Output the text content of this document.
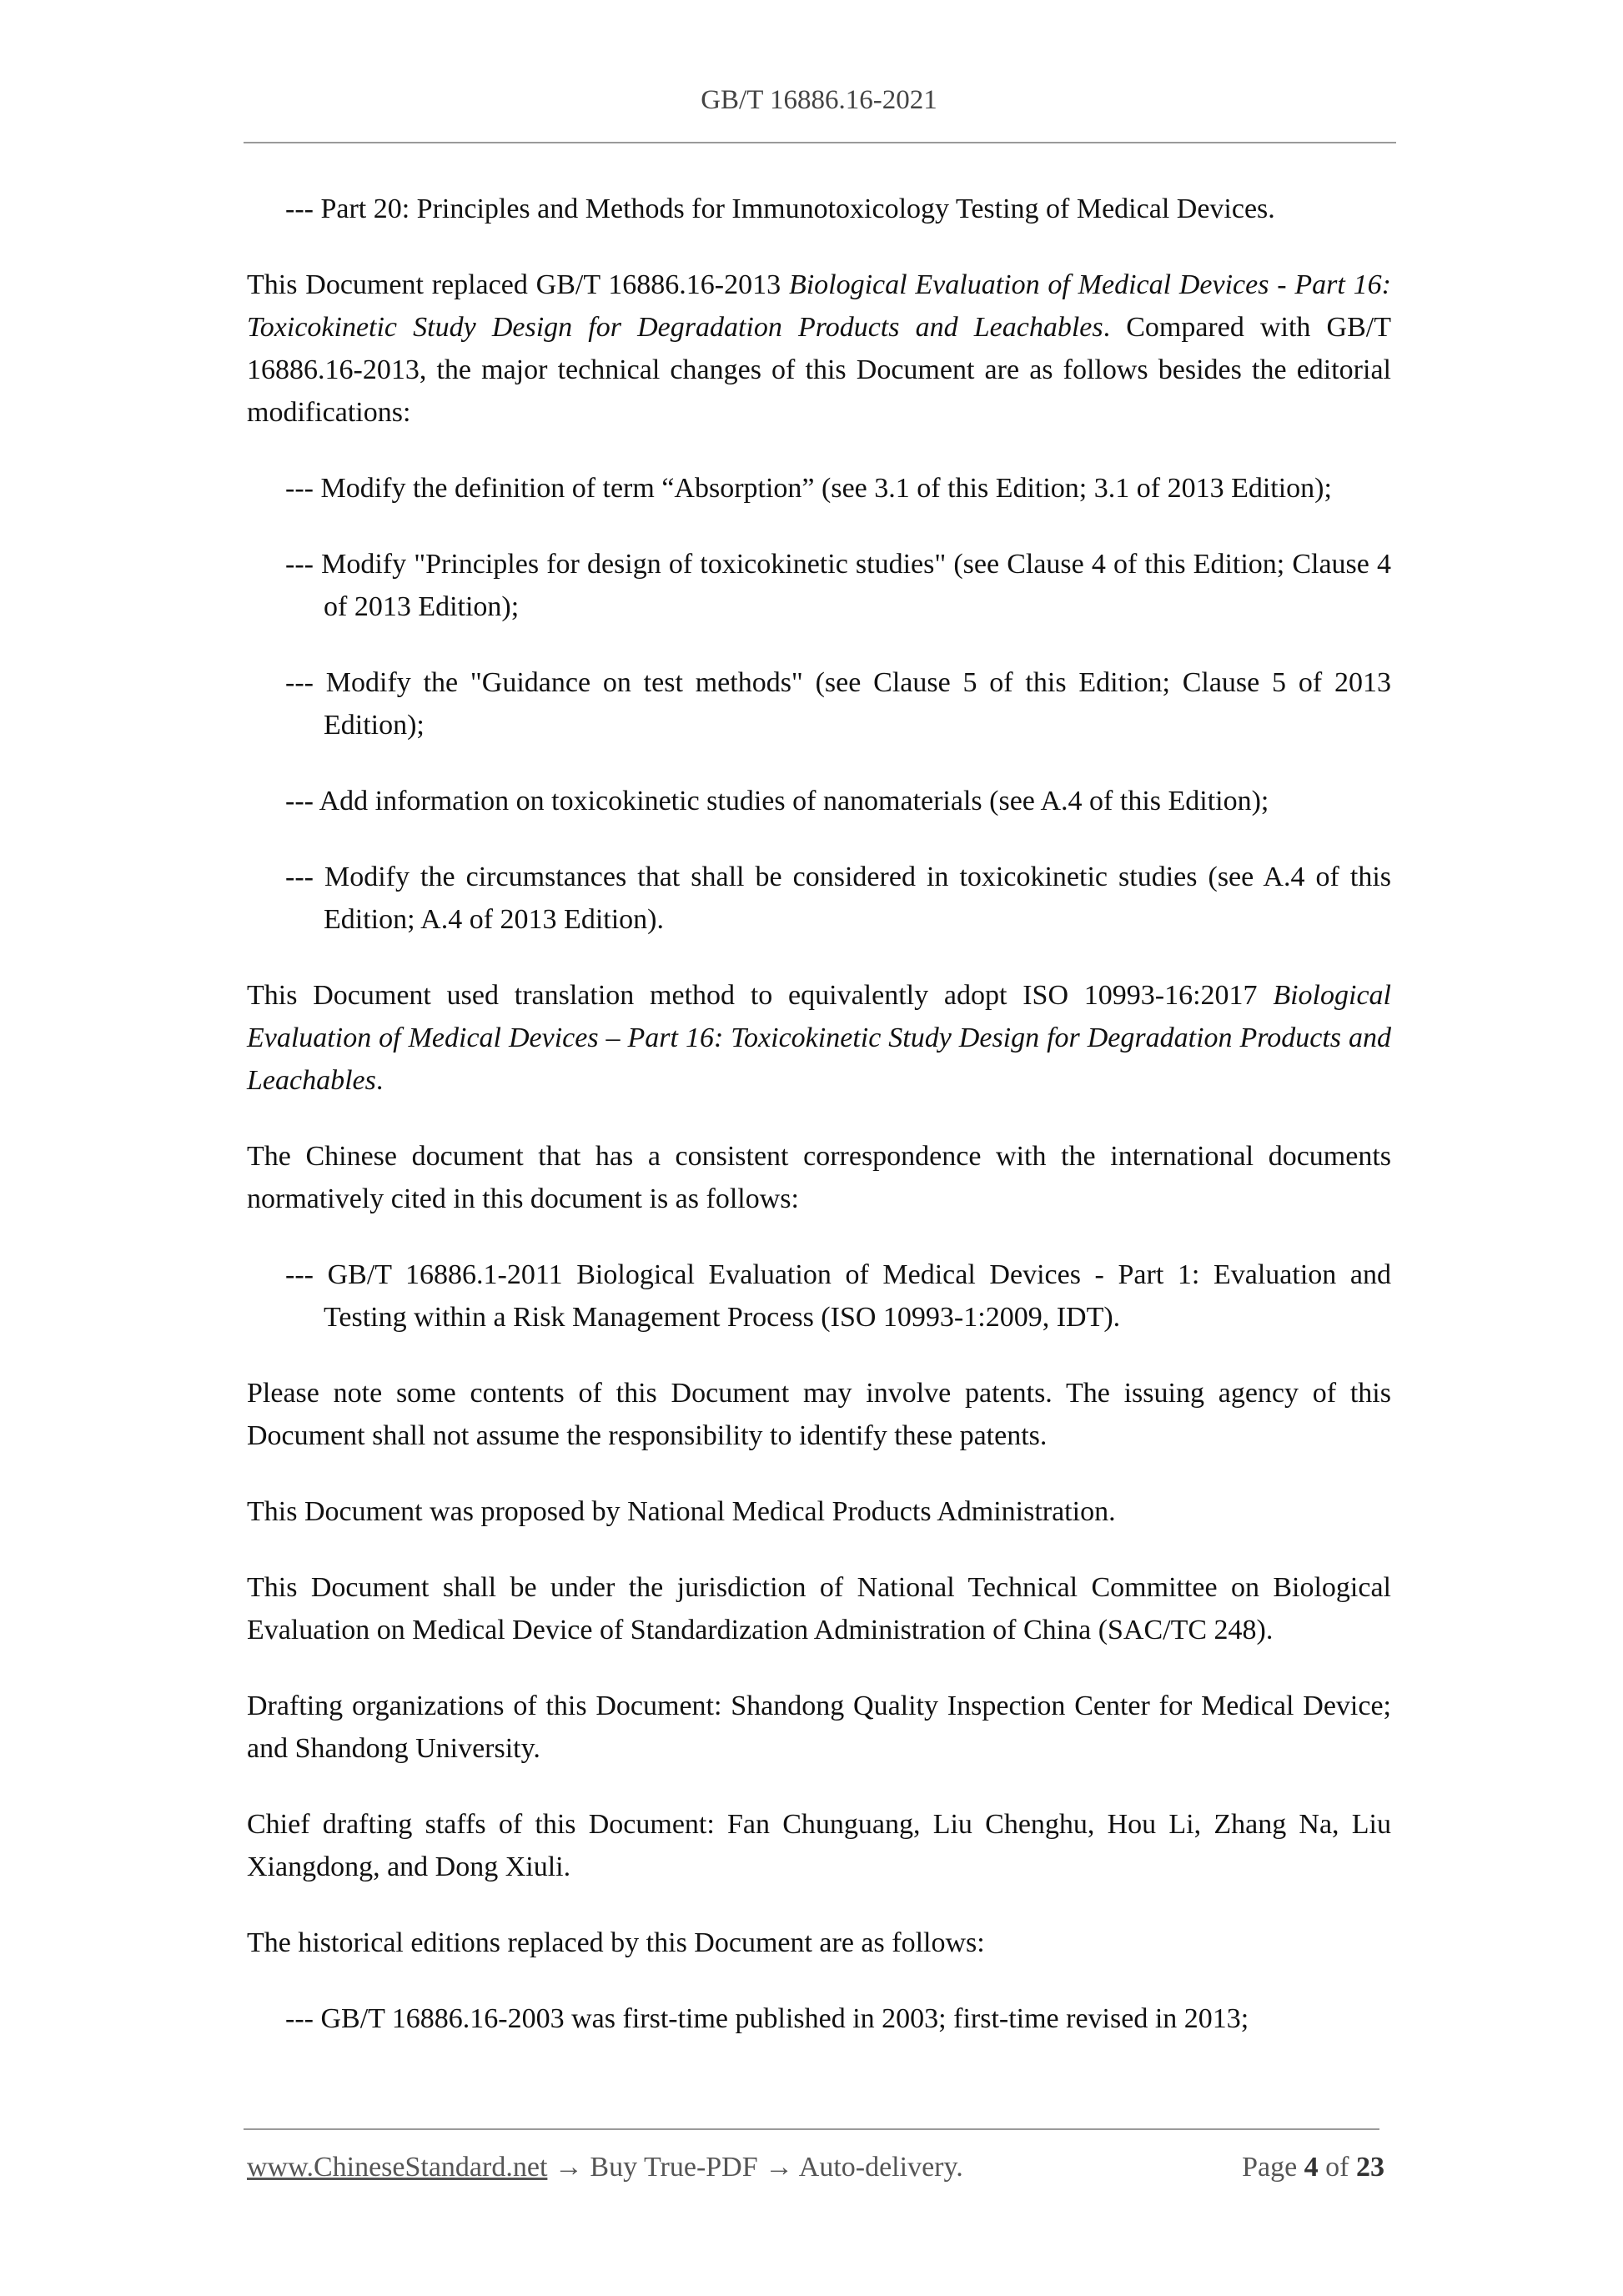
GB/T 16886.16-2021

--- Part 20: Principles and Methods for Immunotoxicology Testing of Medical Devices.

This Document replaced GB/T 16886.16-2013 Biological Evaluation of Medical Devices - Part 16: Toxicokinetic Study Design for Degradation Products and Leachables. Compared with GB/T 16886.16-2013, the major technical changes of this Document are as follows besides the editorial modifications:

--- Modify the definition of term “Absorption” (see 3.1 of this Edition; 3.1 of 2013 Edition);

--- Modify "Principles for design of toxicokinetic studies" (see Clause 4 of this Edition; Clause 4 of 2013 Edition);

--- Modify the "Guidance on test methods" (see Clause 5 of this Edition; Clause 5 of 2013 Edition);

--- Add information on toxicokinetic studies of nanomaterials (see A.4 of this Edition);

--- Modify the circumstances that shall be considered in toxicokinetic studies (see A.4 of this Edition; A.4 of 2013 Edition).

This Document used translation method to equivalently adopt ISO 10993-16:2017 Biological Evaluation of Medical Devices – Part 16: Toxicokinetic Study Design for Degradation Products and Leachables.

The Chinese document that has a consistent correspondence with the international documents normatively cited in this document is as follows:

--- GB/T 16886.1-2011 Biological Evaluation of Medical Devices - Part 1: Evaluation and Testing within a Risk Management Process (ISO 10993-1:2009, IDT).

Please note some contents of this Document may involve patents. The issuing agency of this Document shall not assume the responsibility to identify these patents.

This Document was proposed by National Medical Products Administration.

This Document shall be under the jurisdiction of National Technical Committee on Biological Evaluation on Medical Device of Standardization Administration of China (SAC/TC 248).

Drafting organizations of this Document: Shandong Quality Inspection Center for Medical Device; and Shandong University.

Chief drafting staffs of this Document: Fan Chunguang, Liu Chenghu, Hou Li, Zhang Na, Liu Xiangdong, and Dong Xiuli.

The historical editions replaced by this Document are as follows:

--- GB/T 16886.16-2003 was first-time published in 2003; first-time revised in 2013;

www.ChineseStandard.net → Buy True-PDF → Auto-delivery.	Page 4 of 23
